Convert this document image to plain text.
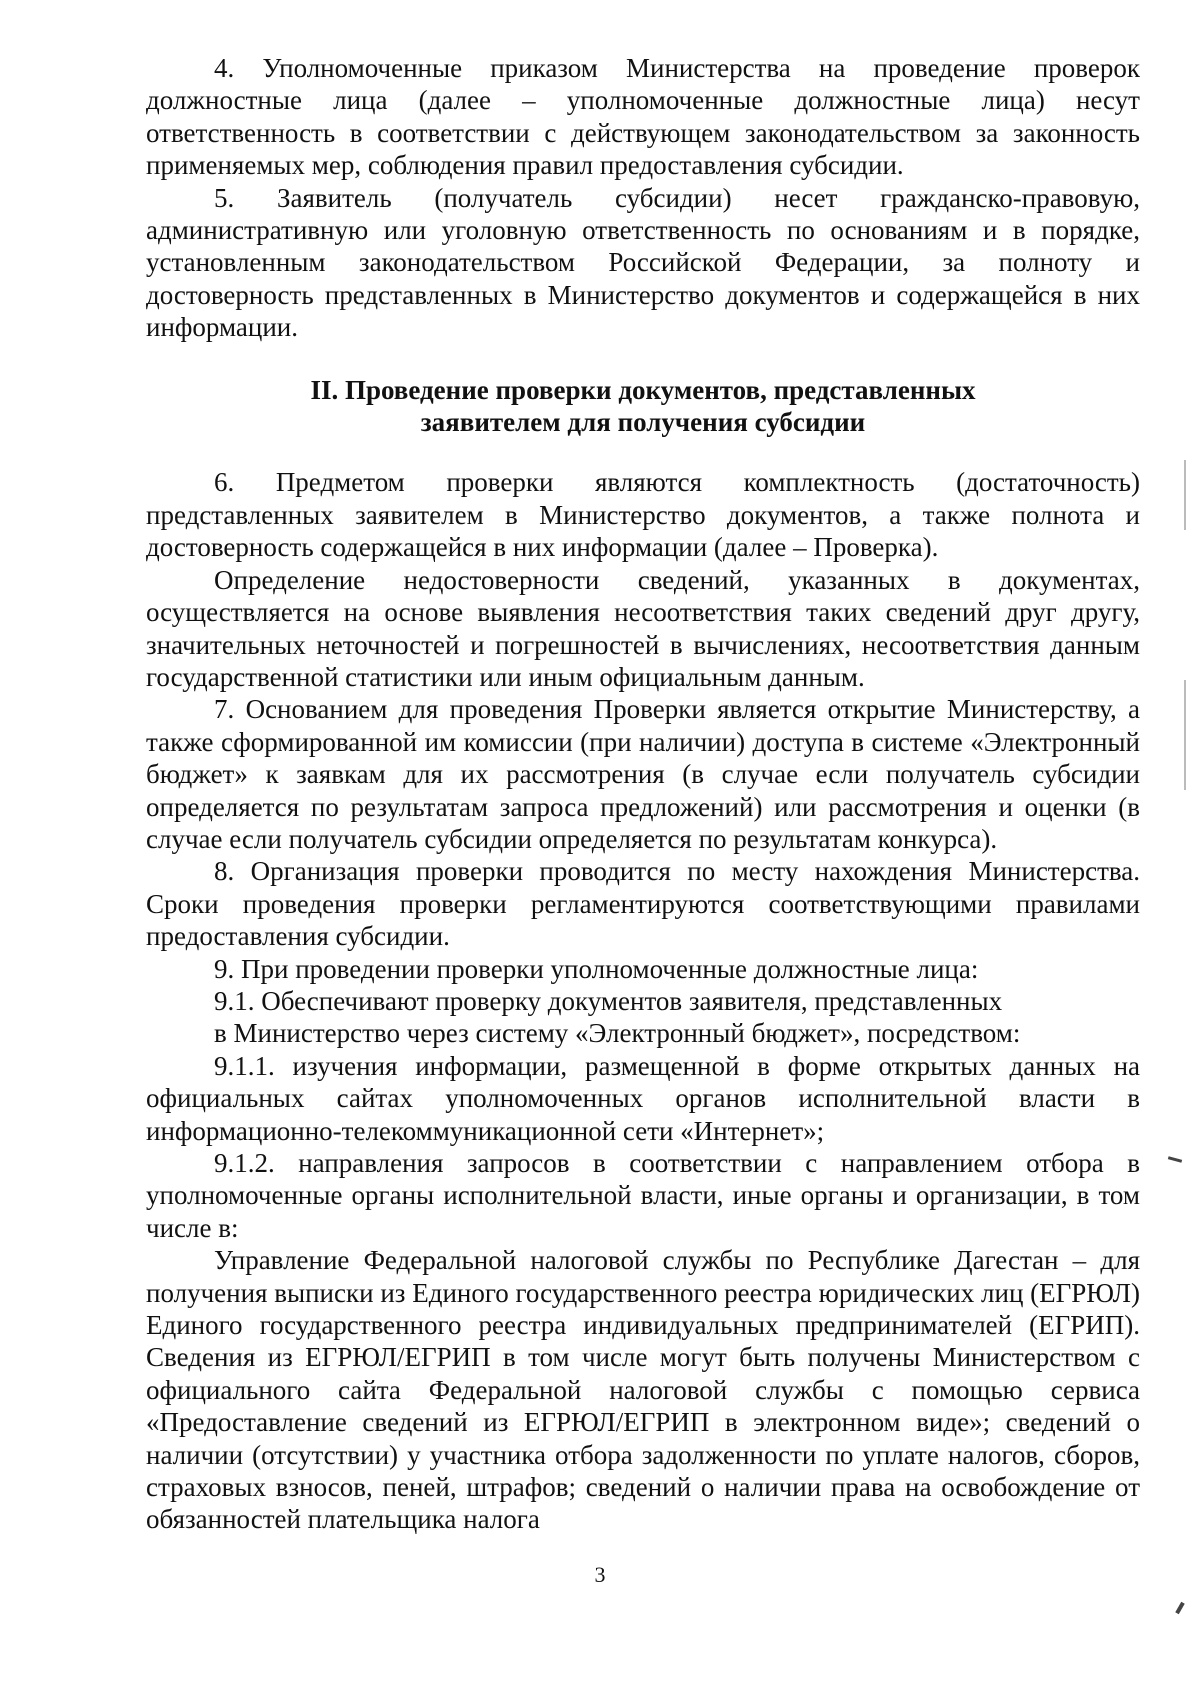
4. Уполномоченные приказом Министерства на проведение проверок должностные лица (далее – уполномоченные должностные лица) несут ответственность в соответствии с действующем законодательством за законность применяемых мер, соблюдения правил предоставления субсидии.

5. Заявитель (получатель субсидии) несет гражданско-правовую, административную или уголовную ответственность по основаниям и в порядке, установленным законодательством Российской Федерации, за полноту и достоверность представленных в Министерство документов и содержащейся в них информации.

II. Проведение проверки документов, представленных
заявителем для получения субсидии

6. Предметом проверки являются комплектность (достаточность) представленных заявителем в Министерство документов, а также полнота и достоверность содержащейся в них информации (далее – Проверка).

Определение недостоверности сведений, указанных в документах, осуществляется на основе выявления несоответствия таких сведений друг другу, значительных неточностей и погрешностей в вычислениях, несоответствия данным государственной статистики или иным официальным данным.

7. Основанием для проведения Проверки является открытие Министерству, а также сформированной им комиссии (при наличии) доступа в системе «Электронный бюджет» к заявкам для их рассмотрения (в случае если получатель субсидии определяется по результатам запроса предложений) или рассмотрения и оценки (в случае если получатель субсидии определяется по результатам конкурса).

8. Организация проверки проводится по месту нахождения Министерства. Сроки проведения проверки регламентируются соответствующими правилами предоставления субсидии.

9. При проведении проверки уполномоченные должностные лица:

9.1. Обеспечивают проверку документов заявителя, представленных

в Министерство через систему «Электронный бюджет», посредством:

9.1.1. изучения информации, размещенной в форме открытых данных на официальных сайтах уполномоченных органов исполнительной власти в информационно-телекоммуникационной сети «Интернет»;

9.1.2. направления запросов в соответствии с направлением отбора в уполномоченные органы исполнительной власти, иные органы и организации, в том числе в:

Управление Федеральной налоговой службы по Республике Дагестан – для получения выписки из Единого государственного реестра юридических лиц (ЕГРЮЛ) Единого государственного реестра индивидуальных предпринимателей (ЕГРИП). Сведения из ЕГРЮЛ/ЕГРИП в том числе могут быть получены Министерством с официального сайта Федеральной налоговой службы с помощью сервиса «Предоставление сведений из ЕГРЮЛ/ЕГРИП в электронном виде»; сведений о наличии (отсутствии) у участника отбора задолженности по уплате налогов, сборов, страховых взносов, пеней, штрафов; сведений о наличии права на освобождение от обязанностей плательщика налога

3
